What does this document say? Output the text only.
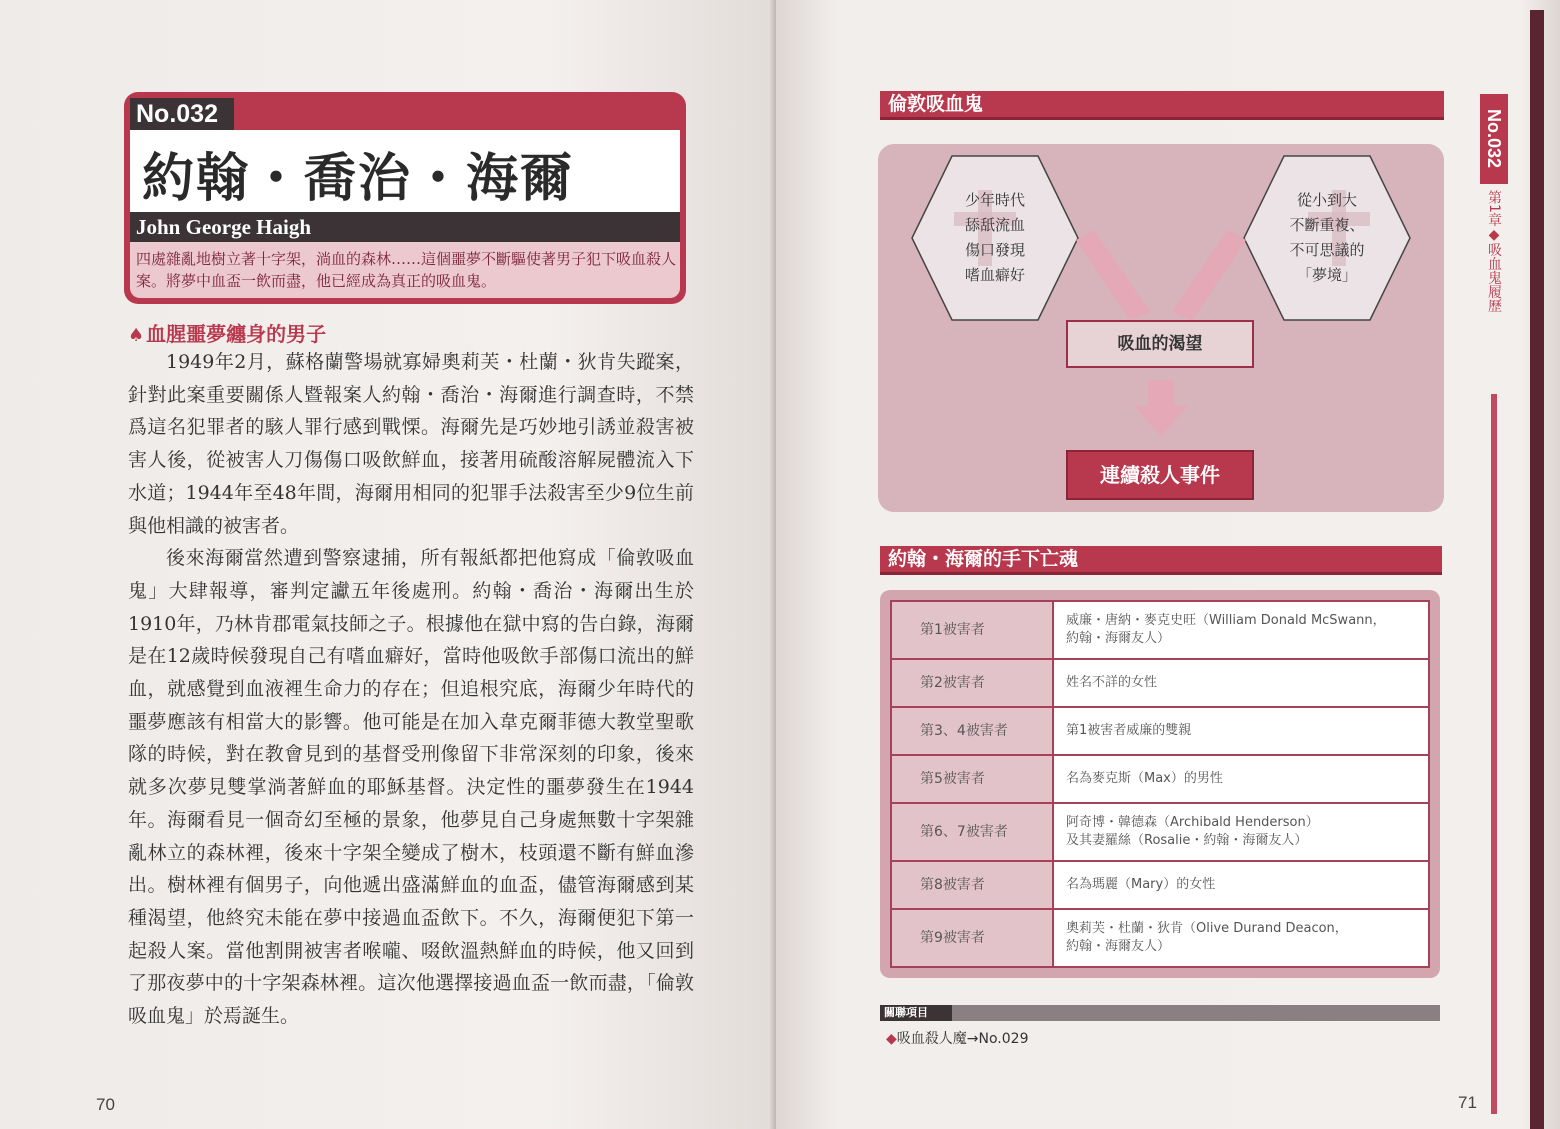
No.032
約翰・喬治・海爾
John George Haigh
四處雜亂地樹立著十字架，淌血的森林……這個噩夢不斷驅使著男子犯下吸血殺人案。將夢中血盃一飲而盡，他已經成為真正的吸血鬼。
♠ 血腥噩夢纏身的男子

1949年2月，蘇格蘭警場就寡婦奧莉芙・杜蘭・狄肯失蹤案，針對此案重要關係人暨報案人約翰・喬治・海爾進行調查時，不禁爲這名犯罪者的駭人罪行感到戰慄。海爾先是巧妙地引誘並殺害被害人後，從被害人刀傷傷口吸飲鮮血，接著用硫酸溶解屍體流入下水道；1944年至48年間，海爾用相同的犯罪手法殺害至少9位生前與他相識的被害者。

後來海爾當然遭到警察逮捕，所有報紙都把他寫成「倫敦吸血鬼」大肆報導，審判定讞五年後處刑。約翰・喬治・海爾出生於1910年，乃林肯郡電氣技師之子。根據他在獄中寫的告白錄，海爾是在12歲時候發現自己有嗜血癖好，當時他吸飲手部傷口流出的鮮血，就感覺到血液裡生命力的存在；但追根究底，海爾少年時代的噩夢應該有相當大的影響。他可能是在加入韋克爾菲德大教堂聖歌隊的時候，對在教會見到的基督受刑像留下非常深刻的印象，後來就多次夢見雙掌淌著鮮血的耶穌基督。決定性的噩夢發生在1944年。海爾看見一個奇幻至極的景象，他夢見自己身處無數十字架雜亂林立的森林裡，後來十字架全變成了樹木，枝頭還不斷有鮮血滲出。樹林裡有個男子，向他遞出盛滿鮮血的血盃，儘管海爾感到某種渴望，他終究未能在夢中接過血盃飲下。不久，海爾便犯下第一起殺人案。當他割開被害者喉嚨、啜飲溫熱鮮血的時候，他又回到了那夜夢中的十字架森林裡。這次他選擇接過血盃一飲而盡，「倫敦吸血鬼」於焉誕生。

70
倫敦吸血鬼
少年時代
舔舐流血
傷口發現
嗜血癖好
從小到大
不斷重複、
不可思議的
「夢境」
吸血的渴望
連續殺人事件
約翰・海爾的手下亡魂
第1被害者	威廉・唐納・麥克史旺（William Donald McSwann，
約翰・海爾友人）

第2被害者	姓名不詳的女性

第3、4被害者	第1被害者威廉的雙親

第5被害者	名為麥克斯（Max）的男性

第6、7被害者	阿奇博・韓德森（Archibald Henderson）
及其妻羅絲（Rosalie・約翰・海爾友人）

第8被害者	名為瑪麗（Mary）的女性

第9被害者	奧莉芙・杜蘭・狄肯（Olive Durand Deacon，
約翰・海爾友人）
關聯項目
◆吸血殺人魔→No.029
No.032
第1章◆吸血鬼履歷
71
